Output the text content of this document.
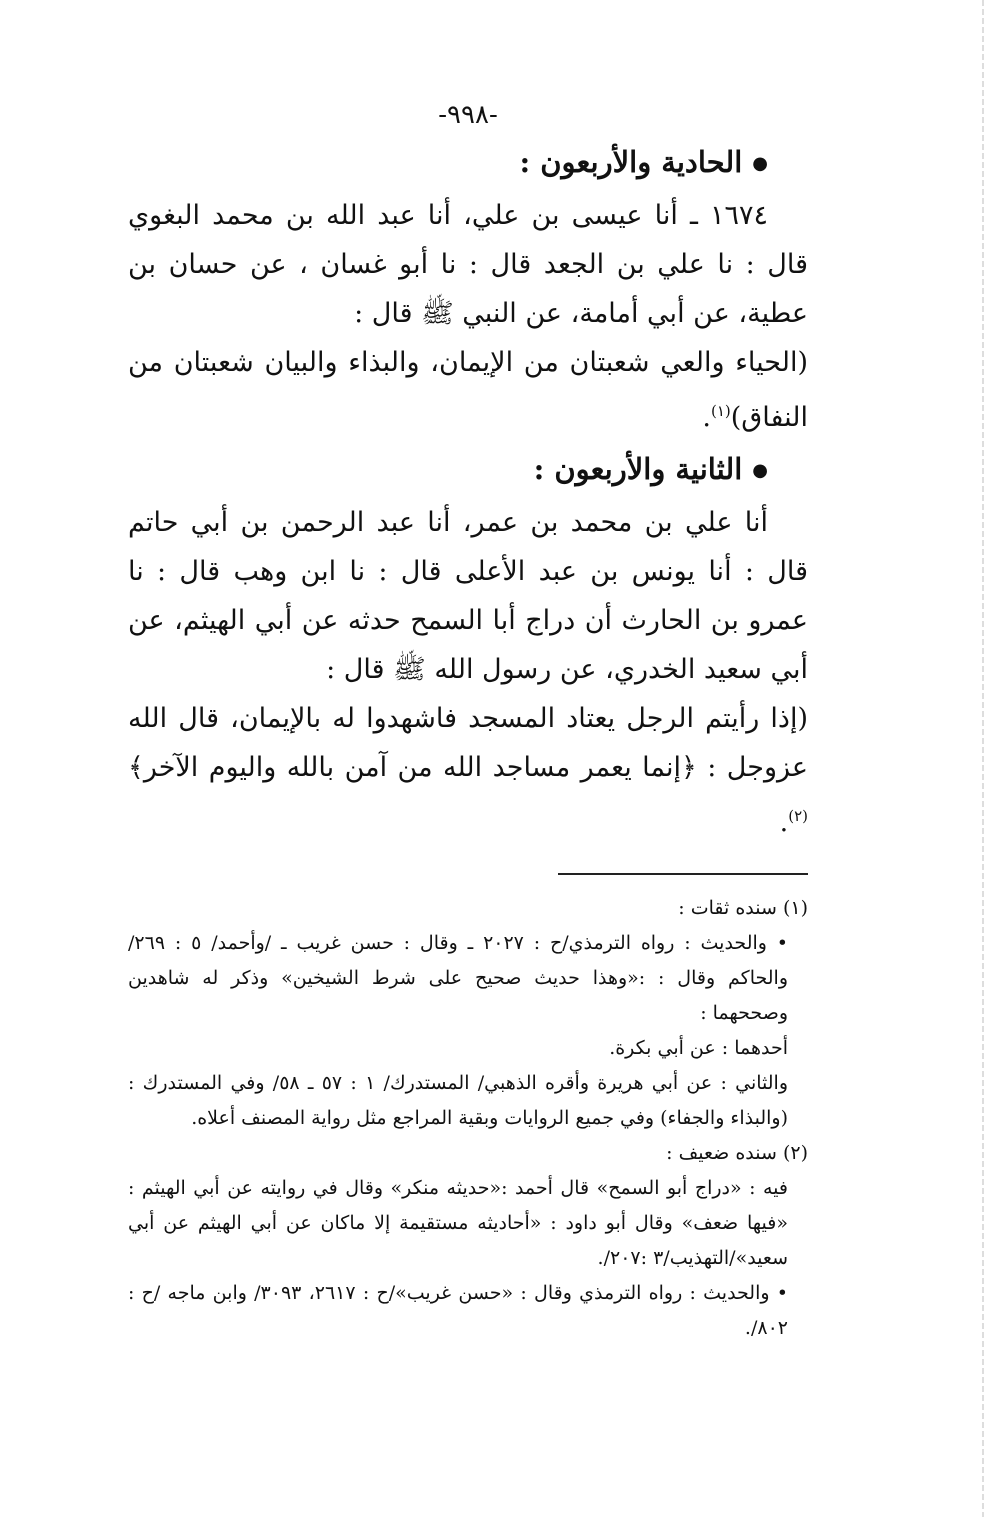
-٩٩٨-
●الحادية والأربعون :

١٦٧٤ ـ أنا عيسى بن علي، أنا عبد الله بن محمد البغوي قال : نا علي بن الجعد قال : نا أبو غسان ، عن حسان بن عطية، عن أبي أمامة، عن النبي ﷺ قال :

(الحياء والعي شعبتان من الإيمان، والبذاء والبيان شعبتان من النفاق)$^{(١)}$.

●الثانية والأربعون :

أنا علي بن محمد بن عمر، أنا عبد الرحمن بن أبي حاتم قال : أنا يونس بن عبد الأعلى قال : نا ابن وهب قال : نا عمرو بن الحارث أن دراج أبا السمح حدثه عن أبي الهيثم، عن أبي سعيد الخدري، عن رسول الله ﷺ قال :

(إذا رأيتم الرجل يعتاد المسجد فاشهدوا له بالإيمان، قال الله عزوجل : ﴿إنما يعمر مساجد الله من آمن بالله واليوم الآخر﴾$^{(٢)}$.

(١) سنده ثقات :

• والحديث : رواه الترمذي/ح : ٢٠٢٧ ـ وقال : حسن غريب ـ /وأحمد/ ٥ : ٢٦٩/ والحاكم وقال : :«وهذا حديث صحيح على شرط الشيخين» وذكر له شاهدين وصححهما :

أحدهما : عن أبي بكرة.

والثاني : عن أبي هريرة وأقره الذهبي/ المستدرك/ ١ : ٥٧ ـ ٥٨/ وفي المستدرك : (والبذاء والجفاء) وفي جميع الروايات وبقية المراجع مثل رواية المصنف أعلاه.

(٢) سنده ضعيف :

فيه : «دراج أبو السمح» قال أحمد :«حديثه منكر» وقال في روايته عن أبي الهيثم : «فيها ضعف» وقال أبو داود : «أحاديثه مستقيمة إلا ماكان عن أبي الهيثم عن أبي سعيد»/التهذيب/٣ :٢٠٧/.

• والحديث : رواه الترمذي وقال : «حسن غريب»/ح : ٢٦١٧، ٣٠٩٣/ وابن ماجه /ح : ٨٠٢/.
